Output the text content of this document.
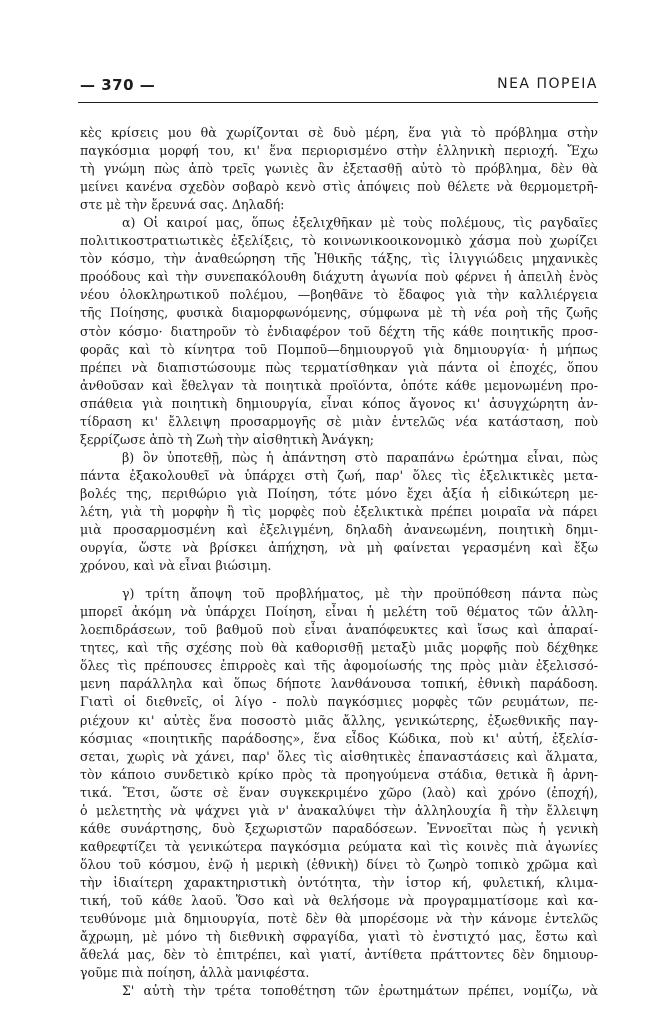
— 370 —	ΝΕΑ ΠΟΡΕΙΑ
κὲς κρίσεις μου θὰ χωρίζονται σὲ δυὸ μέρη, ἕνα γιὰ τὸ πρόβλημα στὴν
παγκόσμια μορφή του, κι' ἕνα περιορισμένο στὴν ἑλληνικὴ περιοχή. Ἔχω
τὴ γνώμη πὼς ἀπὸ τρεῖς γωνιὲς ἂν ἐξετασθῇ αὐτὸ τὸ πρόβλημα, δὲν θὰ
μείνει κανένα σχεδὸν σοβαρὸ κενὸ στὶς ἀπόψεις ποὺ θέλετε νὰ θερμομετρῆ-
στε μὲ τὴν ἔρευνά σας. Δηλαδή:
α) Οἱ καιροί μας, ὅπως ἐξελιχθῆκαν μὲ τοὺς πολέμους, τὶς ραγδαῖες
πολιτικοστρατιωτικὲς ἐξελίξεις, τὸ κοινωνικοοικονομικὸ χάσμα ποὺ χωρίζει
τὸν κόσμο, τὴν ἀναθεώρηση τῆς Ἠθικῆς τάξης, τὶς ἰλιγγιώδεις μηχανικὲς
προόδους καὶ τὴν συνεπακόλουθη διάχυτη ἀγωνία ποὺ φέρνει ἡ ἀπειλὴ ἑνὸς
νέου ὁλοκληρωτικοῦ πολέμου, —βοηθᾶνε τὸ ἔδαφος γιὰ τὴν καλλιέργεια
τῆς Ποίησης, φυσικὰ διαμορφωνόμενης, σύμφωνα μὲ τὴ νέα ροὴ τῆς ζωῆς
στὸν κόσμο· διατηροῦν τὸ ἐνδιαφέρον τοῦ δέχτη τῆς κάθε ποιητικῆς προσ-
φορᾶς καὶ τὸ κίνητρα τοῦ Πομποῦ—δημιουργοῦ γιὰ δημιουργία· ἡ μήπως
πρέπει νὰ διαπιστώσουμε πὼς τερματίσθηκαν γιὰ πάντα οἱ ἐποχές, ὅπου
ἀνθοῦσαν καὶ ἔθελγαν τὰ ποιητικὰ προϊόντα, ὁπότε κάθε μεμονωμένη προ-
σπάθεια γιὰ ποιητικὴ δημιουργία, εἶναι κόπος ἄγονος κι' ἀσυγχώρητη ἀν-
τίδραση κι' ἔλλειψη προσαρμογῆς σὲ μιὰν ἐντελῶς νέα κατάσταση, ποὺ
ξερρίζωσε ἀπὸ τὴ Ζωὴ τὴν αἰσθητικὴ Ἀνάγκη;
β) ὂν ὑποτεθῇ, πὼς ἡ ἀπάντηση στὸ παραπάνω ἐρώτημα εἶναι, πὼς
πάντα ἐξακολουθεῖ νὰ ὑπάρχει στὴ ζωή, παρ' ὅλες τὶς ἐξελικτικὲς μετα-
βολές της, περιθώριο γιὰ Ποίηση, τότε μόνο ἔχει ἀξία ἡ εἰδικώτερη με-
λέτη, γιὰ τὴ μορφὴν ἢ τὶς μορφὲς ποὺ ἐξελικτικὰ πρέπει μοιραῖα νὰ πάρει
μιὰ προσαρμοσμένη καὶ ἐξελιγμένη, δηλαδὴ ἀνανεωμένη, ποιητικὴ δημι-
ουργία, ὥστε νὰ βρίσκει ἀπήχηση, νὰ μὴ φαίνεται γερασμένη καὶ ἔξω
χρόνου, καὶ νὰ εἶναι βιώσιμη.
γ) τρίτη ἄποψη τοῦ προβλήματος, μὲ τὴν προϋπόθεση πάντα πὼς
μπορεῖ ἀκόμη νὰ ὑπάρχει Ποίηση, εἶναι ἡ μελέτη τοῦ θέματος τῶν ἀλλη-
λοεπιδράσεων, τοῦ βαθμοῦ ποὺ εἶναι ἀναπόφευκτες καὶ ἴσως καὶ ἀπαραί-
τητες, καὶ τῆς σχέσης ποὺ θὰ καθορισθῇ μεταξὺ μιᾶς μορφῆς ποὺ δέχθηκε
ὅλες τὶς πρέπουσες ἐπιρροὲς καὶ τῆς ἀφομοίωσής της πρὸς μιὰν ἐξελισσό-
μενη παράλληλα καὶ ὅπως δήποτε λανθάνουσα τοπική, ἐθνικὴ παράδοση.
Γιατὶ οἱ διεθνεῖς, οἱ λίγο - πολὺ παγκόσμιες μορφὲς τῶν ρευμάτων, πε-
ριέχουν κι' αὐτὲς ἕνα ποσοστὸ μιᾶς ἄλλης, γενικώτερης, ἐξωεθνικῆς παγ-
κόσμιας «ποιητικῆς παράδοσης», ἕνα εἶδος Κώδικα, ποὺ κι' αὐτή, ἐξελίσ-
σεται, χωρὶς νὰ χάνει, παρ' ὅλες τὶς αἰσθητικὲς ἐπαναστάσεις καὶ ἅλματα,
τὸν κάποιο συνδετικὸ κρίκο πρὸς τὰ προηγούμενα στάδια, θετικὰ ἢ ἀρνη-
τικά. Ἔτσι, ὥστε σὲ ἕναν συγκεκριμένο χῶρο (λαὸ) καὶ χρόνο (ἐποχή),
ὁ μελετητὴς νὰ ψάχνει γιὰ ν' ἀνακαλύψει τὴν ἀλληλουχία ἢ τὴν ἔλλειψη
κάθε συνάρτησης, δυὸ ξεχωριστῶν παραδόσεων. Ἐννοεῖται πὼς ἡ γενικὴ
καθρεφτίζει τὰ γενικώτερα παγκόσμια ρεύματα καὶ τὶς κοινὲς πιὰ ἀγωνίες
ὅλου τοῦ κόσμου, ἐνῷ ἡ μερικὴ (ἐθνικὴ) δίνει τὸ ζωηρὸ τοπικὸ χρῶμα καὶ
τὴν ἰδιαίτερη χαρακτηριστικὴ ὀντότητα, τὴν ἱστορ κή, φυλετική, κλιμα-
τική, τοῦ κάθε λαοῦ. Ὅσο καὶ νὰ θελήσομε νὰ προγραμματίσομε καὶ κα-
τευθύνομε μιὰ δημιουργία, ποτὲ δὲν θὰ μπορέσομε νὰ τὴν κάνομε ἐντελῶς
ἄχρωμη, μὲ μόνο τὴ διεθνικὴ σφραγίδα, γιατὶ τὸ ἐνστιχτό μας, ἔστω καὶ
ἄθελά μας, δὲν τὸ ἐπιτρέπει, καὶ γιατί, ἀντίθετα πράττοντες δὲν δημιουρ-
γοῦμε πιὰ ποίηση, ἀλλὰ μανιφέστα.
Σ' αὐτὴ τὴν τρέτα τοποθέτηση τῶν ἐρωτημάτων πρέπει, νομίζω, νὰ
